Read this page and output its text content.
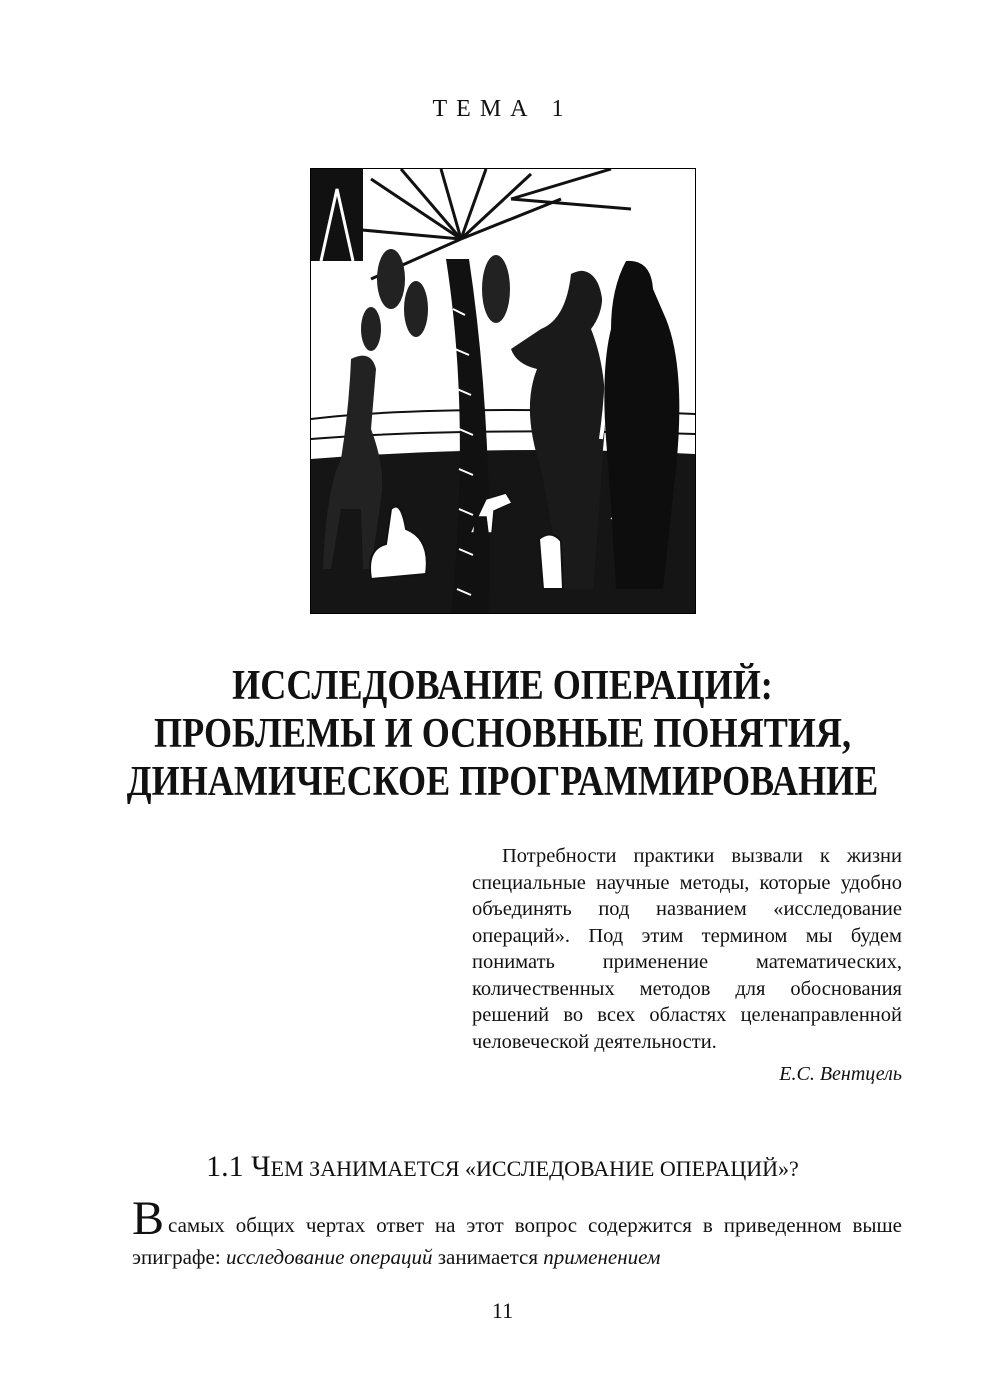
ТЕМА 1
ИССЛЕДОВАНИЕ ОПЕРАЦИЙ:
ПРОБЛЕМЫ И ОСНОВНЫЕ ПОНЯТИЯ,
ДИНАМИЧЕСКОЕ ПРОГРАММИРОВАНИЕ
Потребности практики вызвали к жизни специальные научные методы, которые удобно объединять под названием «исследование операций». Под этим термином мы будем понимать применение математических, количественных методов для обоснования решений во всех областях целенаправленной человеческой деятельности.
Е.С. Вентцель
1.1 ЧЕМ ЗАНИМАЕТСЯ «ИССЛЕДОВАНИЕ ОПЕРАЦИЙ»?
Всамых общих чертах ответ на этот вопрос содержится в приведенном выше эпиграфе: исследование операций занимается применением
11
